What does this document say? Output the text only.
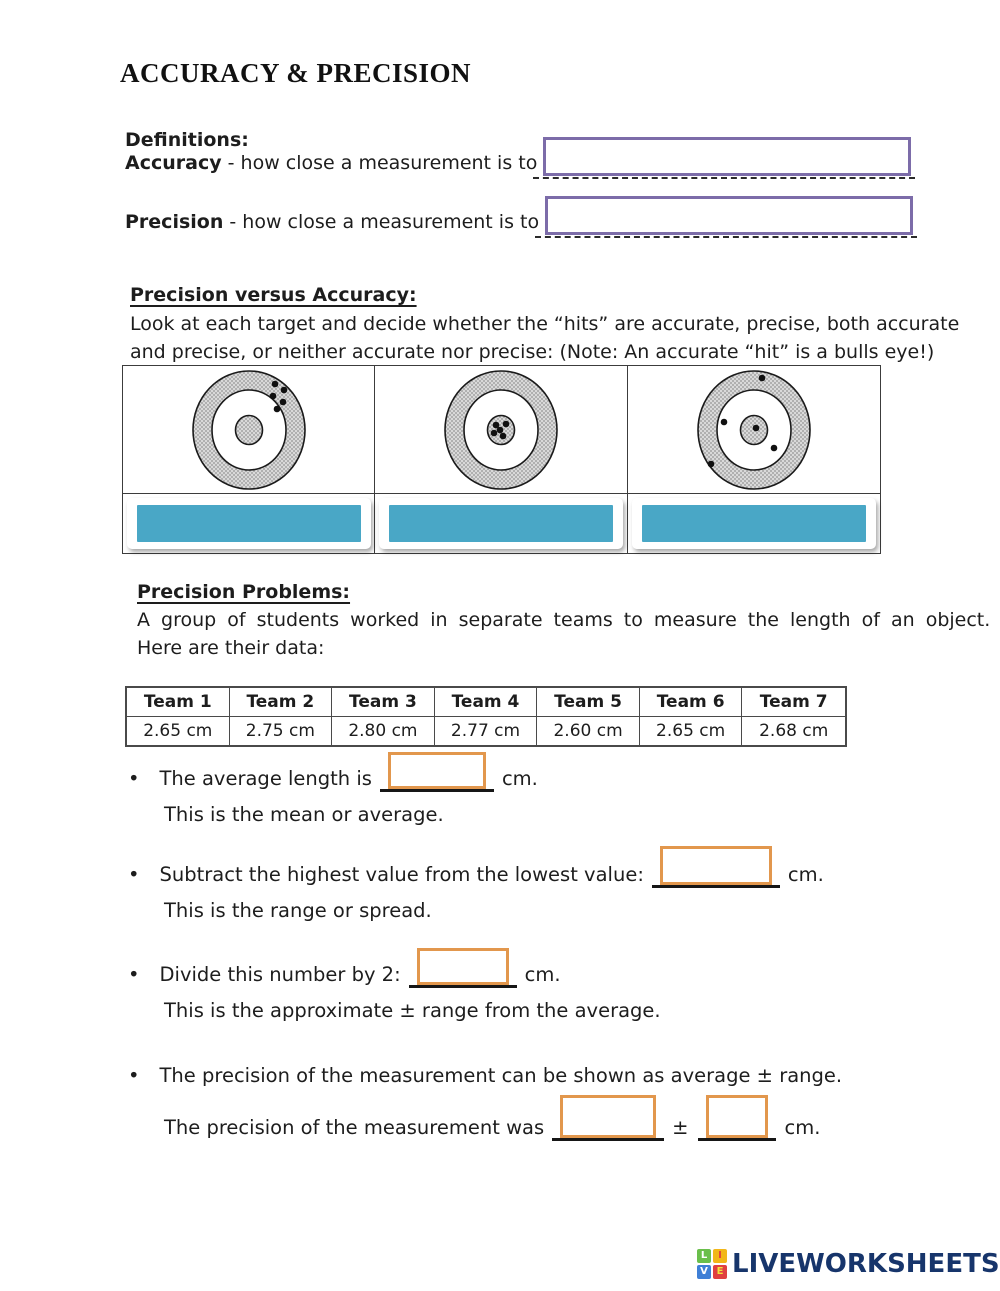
ACCURACY & PRECISION
Definitions:
Accuracy - how close a measurement is to
Precision - how close a measurement is to
Precision versus Accuracy:
Look at each target and decide whether the “hits” are accurate, precise, both accurate
and precise, or neither accurate nor precise: (Note: An accurate “hit” is a bulls eye!)
Precision Problems:
A group of students worked in separate teams to measure the length of an object.
Here are their data:
Team 1	Team 2	Team 3	Team 4	Team 5	Team 6	Team 7
2.65 cm	2.75 cm	2.80 cm	2.77 cm	2.60 cm	2.65 cm	2.68 cm
• The average length is	cm.
This is the mean or average.
• Subtract the highest value from the lowest value:	cm.
This is the range or spread.
• Divide this number by 2:	cm.
This is the approximate ± range from the average.
• The precision of the measurement can be shown as average ± range.
The precision of the measurement was	±	cm.
L	I
V E LIVEWORKSHEETS
